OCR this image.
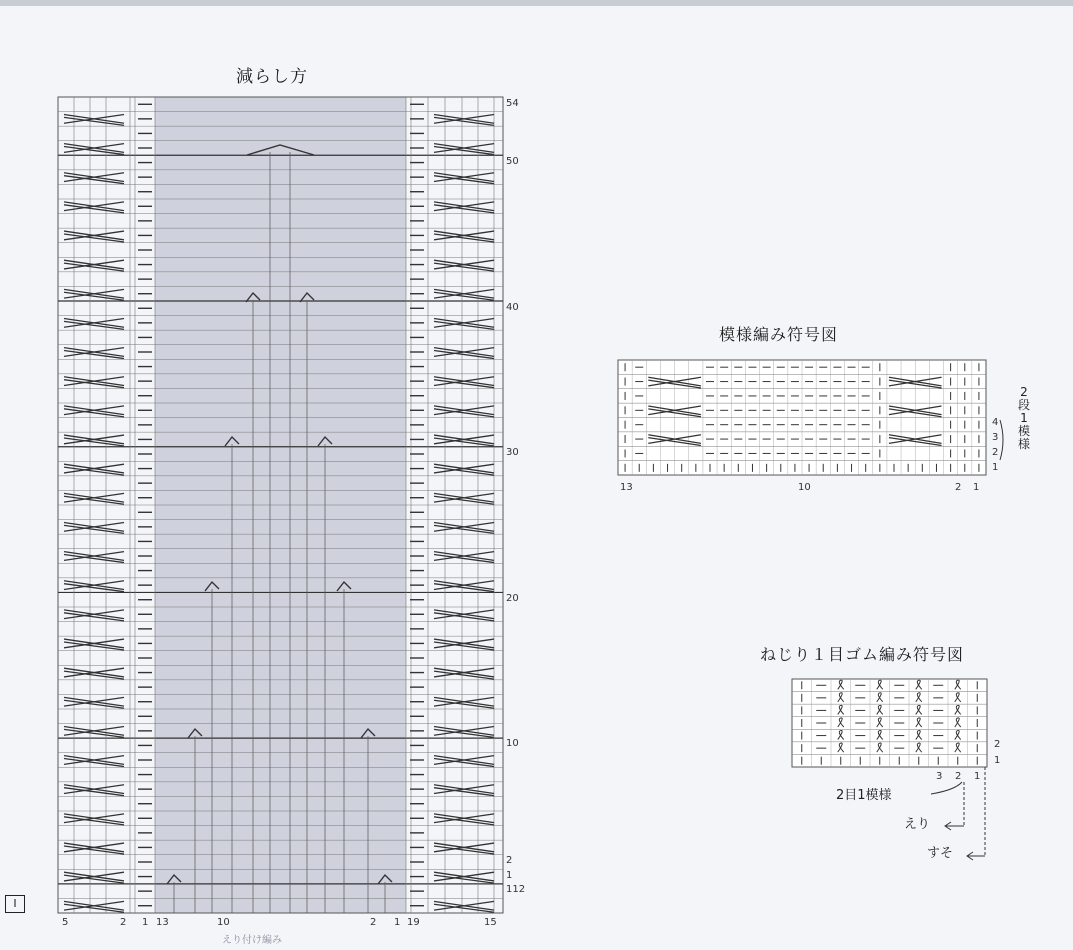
減らし方
54
50
40
30
20
10
2
1
112
5	2 1 13	10	2 1 19	15
えり付け編み
I
模様編み符号図
4
3
2
1
13	10	2 1
2段1模様
ねじり１目ゴム編み符号図
2
1
3 2 1
2目1模様
えり
すそ
